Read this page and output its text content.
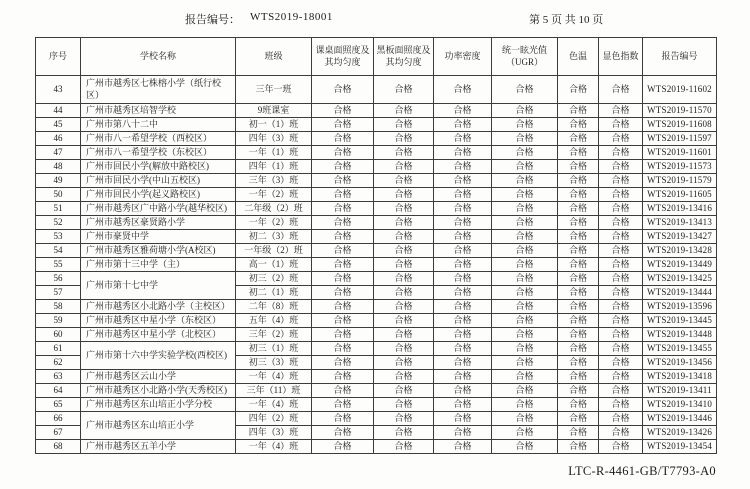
报告编号： WTS2019-18001	第 5 页 共 10 页
序号	学校名称	班级	课桌面照度及其均匀度	黑板面照度及其均匀度	功率密度	统一眩光值（UGR）	色温	显色指数	报告编号
43	广州市越秀区七株榕小学（纸行校区）	三年一班	合格	合格	合格	合格	合格	合格	WTS2019-11602
44	广州市越秀区培智学校	9班课室	合格	合格	合格	合格	合格	合格	WTS2019-11570
45	广州市第八十二中	初一（1）班	合格	合格	合格	合格	合格	合格	WTS2019-11608
46	广州市八一希望学校（西校区）	四年（3）班	合格	合格	合格	合格	合格	合格	WTS2019-11597
47	广州市八一希望学校（东校区）	一年（1）班	合格	合格	合格	合格	合格	合格	WTS2019-11601
48	广州市回民小学(解放中路校区)	四年（1）班	合格	合格	合格	合格	合格	合格	WTS2019-11573
49	广州市回民小学(中山五校区)	三年（3）班	合格	合格	合格	合格	合格	合格	WTS2019-11579
50	广州市回民小学(起义路校区)	一年（2）班	合格	合格	合格	合格	合格	合格	WTS2019-11605
51	广州市越秀区广中路小学(越华校区)	二年级（2）班	合格	合格	合格	合格	合格	合格	WTS2019-13416
52	广州市越秀区豪贤路小学	一年（2）班	合格	合格	合格	合格	合格	合格	WTS2019-13413
53	广州市豪贤中学	初二（3）班	合格	合格	合格	合格	合格	合格	WTS2019-13427
54	广州市越秀区雅荷塘小学(A校区)	一年级（2）班	合格	合格	合格	合格	合格	合格	WTS2019-13428
55	广州市第十三中学（主）	高一（1）班	合格	合格	合格	合格	合格	合格	WTS2019-13449
56	广州市第十七中学	初三（2）班	合格	合格	合格	合格	合格	合格	WTS2019-13425
57		初二（1）班	合格	合格	合格	合格	合格	合格	WTS2019-13444
58	广州市越秀区小北路小学（主校区）	二年（8）班	合格	合格	合格	合格	合格	合格	WTS2019-13596
59	广州市越秀区中星小学（东校区）	五年（4）班	合格	合格	合格	合格	合格	合格	WTS2019-13445
60	广州市越秀区中星小学（北校区）	三年（2）班	合格	合格	合格	合格	合格	合格	WTS2019-13448
61	广州市第十六中学实验学校(西校区)	初三（1）班	合格	合格	合格	合格	合格	合格	WTS2019-13455
62		初三（3）班	合格	合格	合格	合格	合格	合格	WTS2019-13456
63	广州市越秀区云山小学	一年（4）班	合格	合格	合格	合格	合格	合格	WTS2019-13418
64	广州市越秀区小北路小学(天秀校区)	三年（11）班	合格	合格	合格	合格	合格	合格	WTS2019-13411
65	广州市越秀区东山培正小学分校	一年（4）班	合格	合格	合格	合格	合格	合格	WTS2019-13410
66	广州市越秀区东山培正小学	四年（2）班	合格	合格	合格	合格	合格	合格	WTS2019-13446
67		四年（3）班	合格	合格	合格	合格	合格	合格	WTS2019-13426
68	广州市越秀区五羊小学	一年（4）班	合格	合格	合格	合格	合格	合格	WTS2019-13454
LTC-R-4461-GB/T7793-A0
